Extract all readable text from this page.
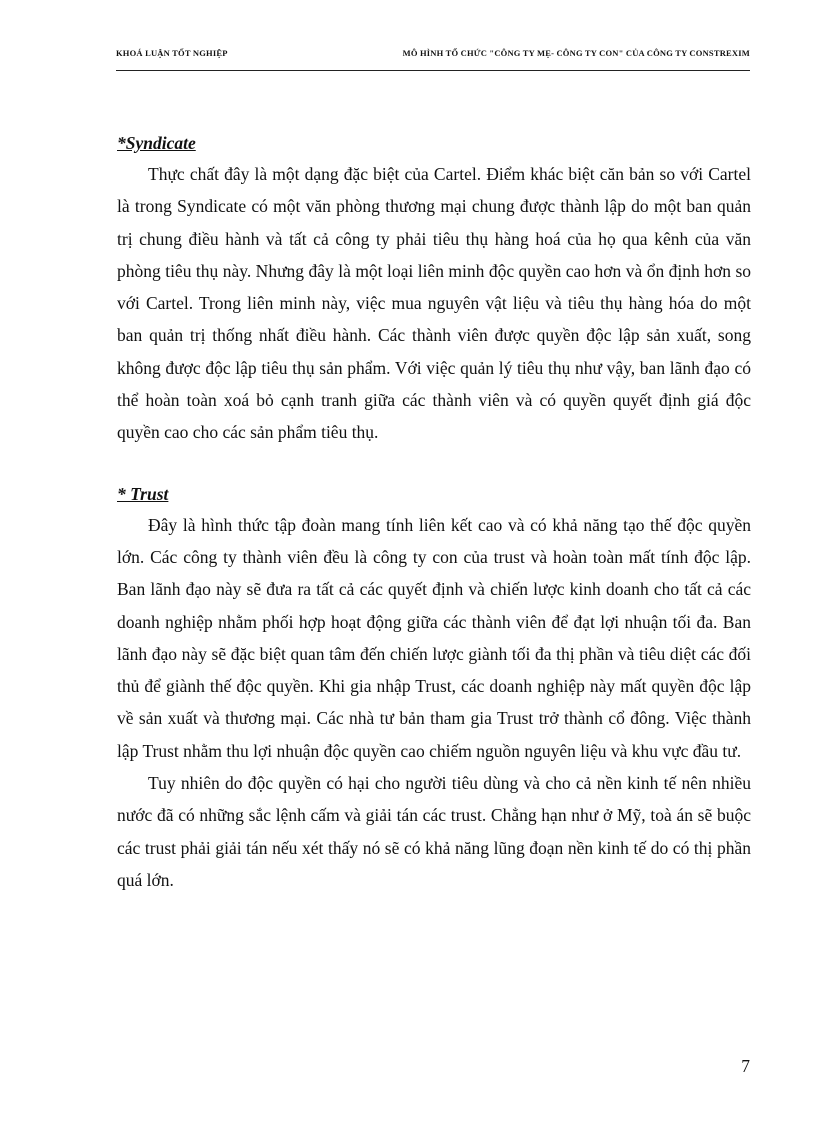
KHOÁ LUẬN TỐT NGHIỆP	MÔ HÌNH TỔ CHỨC "CÔNG TY MẸ- CÔNG TY CON" CỦA CÔNG TY CONSTREXIM

*Syndicate

Thực chất đây là một dạng đặc biệt của Cartel. Điểm khác biệt căn bản so với Cartel là trong Syndicate có một văn phòng thương mại chung được thành lập do một ban quản trị chung điều hành và tất cả công ty phải tiêu thụ hàng hoá của họ qua kênh của văn phòng tiêu thụ này. Nhưng đây là một loại liên minh độc quyền cao hơn và ổn định hơn so với Cartel. Trong liên minh này, việc mua nguyên vật liệu và tiêu thụ hàng hóa do một ban quản trị thống nhất điều hành. Các thành viên được quyền độc lập sản xuất, song không được độc lập tiêu thụ sản phẩm. Với việc quản lý tiêu thụ như vậy, ban lãnh đạo có thể hoàn toàn xoá bỏ cạnh tranh giữa các thành viên và có quyền quyết định giá độc quyền cao cho các sản phẩm tiêu thụ.

* Trust

Đây là hình thức tập đoàn mang tính liên kết cao và có khả năng tạo thế độc quyền lớn. Các công ty thành viên đều là công ty con của trust và hoàn toàn mất tính độc lập. Ban lãnh đạo này sẽ đưa ra tất cả các quyết định và chiến lược kinh doanh cho tất cả các doanh nghiệp nhằm phối hợp hoạt động giữa các thành viên để đạt lợi nhuận tối đa. Ban lãnh đạo này sẽ đặc biệt quan tâm đến chiến lược giành tối đa thị phần và tiêu diệt các đối thủ để giành thế độc quyền. Khi gia nhập Trust, các doanh nghiệp này mất quyền độc lập về sản xuất và thương mại. Các nhà tư bản tham gia Trust trở thành cổ đông. Việc thành lập Trust nhằm thu lợi nhuận độc quyền cao chiếm nguồn nguyên liệu và khu vực đầu tư.

Tuy nhiên do độc quyền có hại cho người tiêu dùng và cho cả nền kinh tế nên nhiều nước đã có những sắc lệnh cấm và giải tán các trust. Chẳng hạn như ở Mỹ, toà án sẽ buộc các trust phải giải tán nếu xét thấy nó sẽ có khả năng lũng đoạn nền kinh tế do có thị phần quá lớn.

7
